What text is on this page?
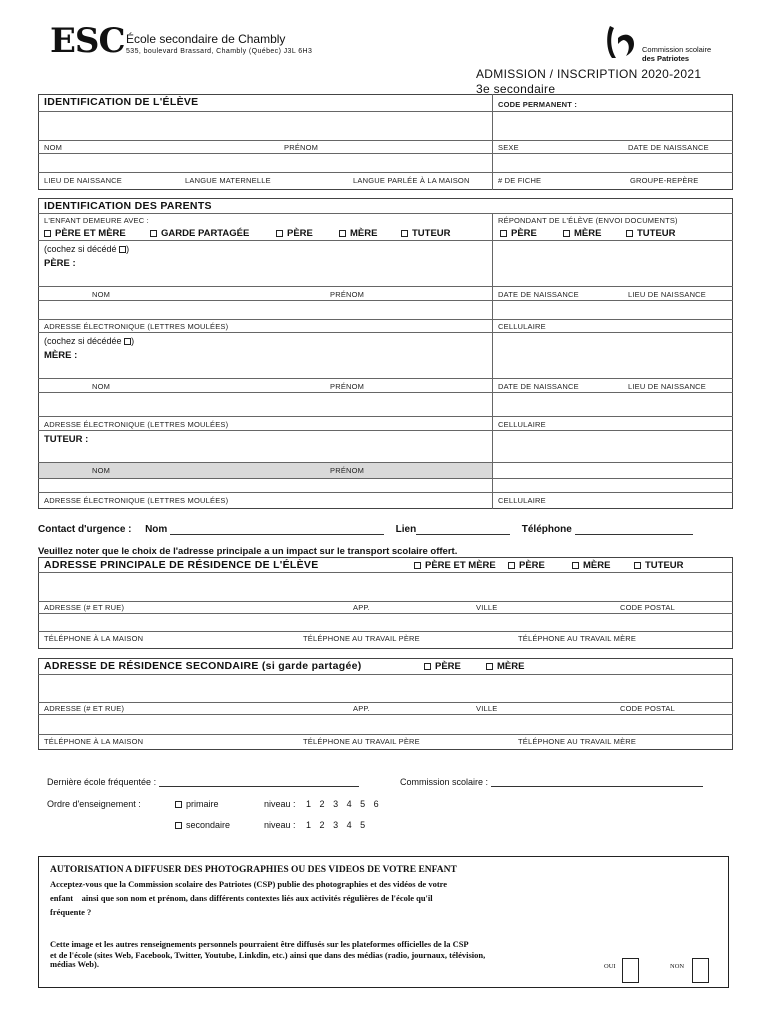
ESC École secondaire de Chambly
535, boulevard Brassard, Chambly (Québec) J3L 6H3	Commission scolaire
des Patriotes
ADMISSION / INSCRIPTION 2020-2021
3e secondaire
IDENTIFICATION DE L'ÉLÈVE	CODE PERMANENT :
NOM	PRÉNOM	SEXE	DATE DE NAISSANCE
LIEU DE NAISSANCE	LANGUE MATERNELLE	LANGUE PARLÉE À LA MAISON	# DE FICHE	GROUPE-REPÈRE
IDENTIFICATION DES PARENTS
L'ENFANT DEMEURE AVEC :	RÉPONDANT DE L'ÉLÈVE (ENVOI DOCUMENTS)
PÈRE ET MÈRE	GARDE PARTAGÉE	PÈRE	MÈRE	TUTEUR	PÈRE	MÈRE	TUTEUR
(cochez si décédé )
PÈRE :
NOM	PRÉNOM	DATE DE NAISSANCE	LIEU DE NAISSANCE
ADRESSE ÉLECTRONIQUE (LETTRES MOULÉES)	CELLULAIRE
(cochez si décédée )
MÈRE :
NOM	PRÉNOM	DATE DE NAISSANCE	LIEU DE NAISSANCE
ADRESSE ÉLECTRONIQUE (LETTRES MOULÉES)	CELLULAIRE
TUTEUR :
NOM	PRÉNOM
ADRESSE ÉLECTRONIQUE (LETTRES MOULÉES)	CELLULAIRE
Contact d'urgence : Nom	Lien	Téléphone
Veuillez noter que le choix de l'adresse principale a un impact sur le transport scolaire offert.
ADRESSE PRINCIPALE DE RÉSIDENCE DE L'ÉLÈVE	PÈRE ET MÈRE	PÈRE	MÈRE	TUTEUR
ADRESSE (# ET RUE)	APP.	VILLE	CODE POSTAL
TÉLÉPHONE À LA MAISON	TÉLÉPHONE AU TRAVAIL PÈRE	TÉLÉPHONE AU TRAVAIL MÈRE
ADRESSE DE RÉSIDENCE SECONDAIRE (si garde partagée)	PÈRE	MÈRE
ADRESSE (# ET RUE)	APP.	VILLE	CODE POSTAL
TÉLÉPHONE À LA MAISON	TÉLÉPHONE AU TRAVAIL PÈRE	TÉLÉPHONE AU TRAVAIL MÈRE
Dernière école fréquentée :	Commission scolaire :
Ordre d'enseignement :	primaire	niveau : 1 2 3 4 5 6
secondaire	niveau : 1 2 3 4 5
AUTORISATION A DIFFUSER DES PHOTOGRAPHIES OU DES VIDEOS DE VOTRE ENFANT
Acceptez-vous que la Commission scolaire des Patriotes (CSP) publie des photographies et des vidéos de votre
enfant    ainsi que son nom et prénom, dans différents contextes liés aux activités régulières de l'école qu'il
fréquente ?
Cette image et les autres renseignements personnels pourraient être diffusés sur les plateformes officielles de la CSP
et de l'école (sites Web, Facebook, Twitter, Youtube, Linkdin, etc.) ainsi que dans des médias (radio, journaux, télévision,
médias Web).	OUI	NON
